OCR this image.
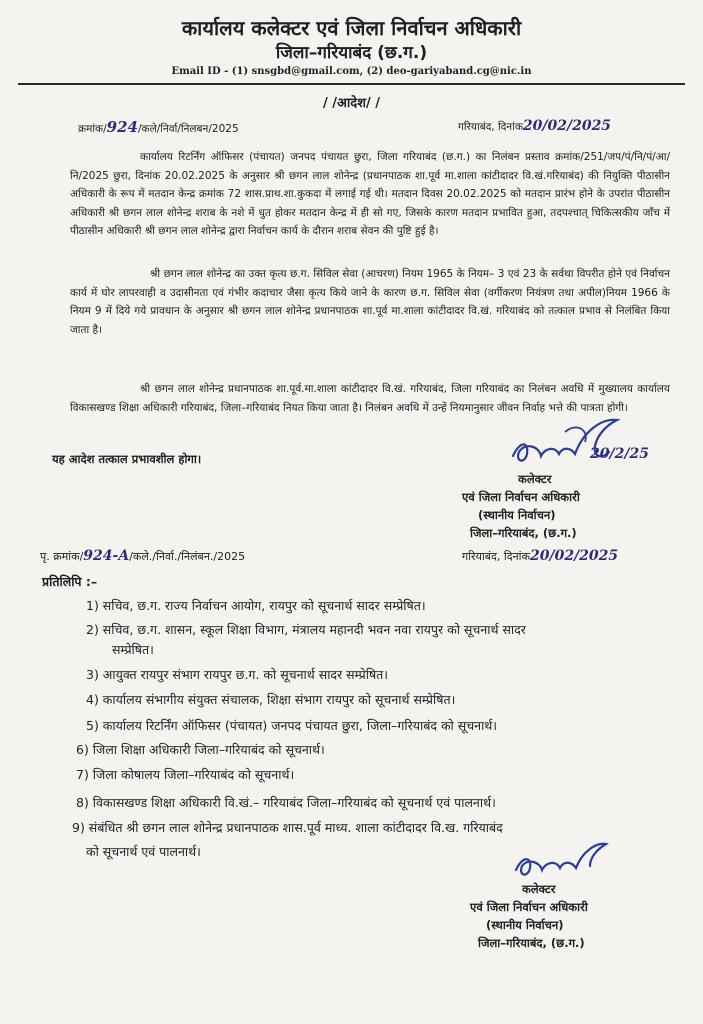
कार्यालय कलेक्टर एवं जिला निर्वाचन अधिकारी
जिला–गरियाबंद (छ.ग.)
Email ID - (1) snsgbd@gmail.com, (2) deo-gariyaband.cg@nic.in
/ /आदेश/ /
क्रमांक/924/कले/निर्वा/निलबन/2025	गरियाबंद, दिनांक20/02/2025

कार्यालय रिटर्निंग ऑफिसर (पंचायत) जनपद पंचायत छुरा, जिला गरियाबंद (छ.ग.) का निलंबन प्रस्ताव क्रमांक/251/जप/पं/नि/पं/आ/नि/2025 छुरा, दिनांक 20.02.2025 के अनुसार श्री छगन लाल शोनेन्द्र (प्रधानपाठक शा.पूर्व मा.शाला कांटीदादर वि.खं.गरियाबंद) की नियुक्ति पीठासीन अधिकारी के रूप में मतदान केन्द्र क्रमांक 72 शास.प्राथ.शा.कुकदा में लगाई गई थी। मतदान दिवस 20.02.2025 को मतदान प्रारंभ होने के उपरांत पीठासीन अधिकारी श्री छगन लाल शोनेन्द्र शराब के नशे में धुत होकर मतदान केन्द्र में ही सो गए, जिसके कारण मतदान प्रभावित हुआ, तदपश्चात् चिकित्सकीय जाँच में पीठासीन अधिकारी श्री छगन लाल शोनेन्द्र द्वारा निर्वाचन कार्य के दौरान शराब सेवन की पुष्टि हुई है।

श्री छगन लाल शोनेन्द्र का उक्त कृत्य छ.ग. सिविल सेवा (आचरण) नियम 1965 के नियम– 3 एवं 23 के सर्वथा विपरीत होने एवं निर्वाचन कार्य में घोर लापरवाही व उदासीनता एवं गंभीर कदाचार जैसा कृत्य किये जाने के कारण छ.ग. सिविल सेवा (वर्गीकरण नियंत्रण तथा अपील)नियम 1966 के नियम 9 में दिये गये प्रावधान के अनुसार श्री छगन लाल शोनेन्द्र प्रधानपाठक शा.पूर्व मा.शाला कांटीदादर वि.खं. गरियाबंद को तत्काल प्रभाव से निलंबित किया जाता है।

श्री छगन लाल शोनेन्द्र प्रधानपाठक शा.पूर्व.मा.शाला कांटीदादर वि.खं. गरियाबंद, जिला गरियाबंद का निलंबन अवधि में मुख्यालय कार्यालय विकासखण्ड शिक्षा अधिकारी गरियाबंद, जिला–गरियाबंद नियत किया जाता है। निलंबन अवधि में उन्हें नियमानुसार जीवन निर्वाह भत्ते की पात्रता होगी।

यह आदेश तत्काल प्रभावशील होगा।	20/2/25
कलेक्टर
एवं जिला निर्वाचन अधिकारी
(स्थानीय निर्वाचन)
जिला–गरियाबंद, (छ.ग.)
पृ. क्रमांक/924-A/कले./निर्वा./निलंबन./2025	गरियाबंद, दिनांक20/02/2025
प्रतिलिपि :–
1) सचिव, छ.ग. राज्य निर्वाचन आयोग, रायपुर को सूचनार्थ सादर सम्प्रेषित।
2) सचिव, छ.ग. शासन, स्कूल शिक्षा विभाग, मंत्रालय महानदी भवन नवा रायपुर को सूचनार्थ सादर
सम्प्रेषित।
3) आयुक्त रायपुर संभाग रायपुर छ.ग. को सूचनार्थ सादर सम्प्रेषित।
4) कार्यालय संभागीय संयुक्त संचालक, शिक्षा संभाग रायपुर को सूचनार्थ सम्प्रेषित।
5) कार्यालय रिटर्निंग ऑफिसर (पंचायत) जनपद पंचायत छुरा, जिला–गरियाबंद को सूचनार्थ।
6) जिला शिक्षा अधिकारी जिला–गरियाबंद को सूचनार्थ।
7) जिला कोषालय जिला–गरियाबंद को सूचनार्थ।
8) विकासखण्ड शिक्षा अधिकारी वि.खं.– गरियाबंद जिला–गरियाबंद को सूचनार्थ एवं पालनार्थ।
9) संबंधित श्री छगन लाल शोनेन्द्र प्रधानपाठक शास.पूर्व माध्य. शाला कांटीदादर वि.ख. गरियाबंद
को सूचनार्थ एवं पालनार्थ।
कलेक्टर
एवं जिला निर्वाचन अधिकारी
(स्थानीय निर्वाचन)
जिला–गरियाबंद, (छ.ग.)
